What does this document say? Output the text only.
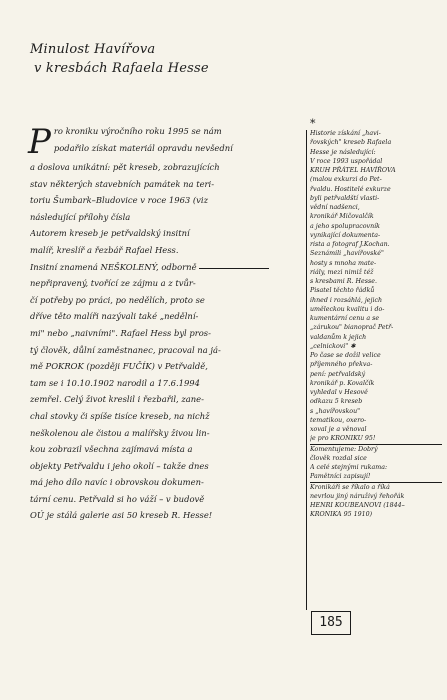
Minulost Havířova
v kresbách Rafaela Hesse
P ro kroniku výročního roku 1995 se nám
podařilo získat materiál opravdu nevšední
a doslova unikátní: pět kreseb, zobrazujících
stav některých stavebních památek na teri-
toriu Šumbark–Bludovice v roce 1963 (viz
následující přílohy čísla
Autorem kreseb je petřvaldský insitní
malíř, kreslíř a řezbář Rafael Hess.
Insitní znamená NEŠKOLENÝ, odborně
nepřipravený, tvořící ze zájmu a z tvůr-
čí potřeby po práci, po nedělích, proto se
dříve těto malíři nazývali také „nedělní-
mi" nebo „naivními". Rafael Hess byl pros-
tý člověk, důlní zaměstnanec, pracoval na já-
mě POKROK (později FUČÍK) v Petřvaldě,
tam se i 10.10.1902 narodil a 17.6.1994
zemřel. Celý život kreslil i řezbařil, zane-
chal stovky či spíše tisíce kreseb, na nichž
neškolenou ale čistou a malířsky živou lin-
kou zobrazil všechna zajímavá místa a
objekty Petřvaldu i jeho okolí – takže dnes
má jeho dílo navíc i obrovskou dokumen-
tární cenu. Petřvald si ho váží – v budově
OÚ je stálá galerie asi 50 kreseb R. Hesse!
*
Historie získání „havi-
řovských" kreseb Rafaela
Hesse je následující:
V roce 1993 uspořádal
KRUH PŘÁTEL HAVÍŘOVA
(malou exkurzi do Pet-
řvaldu. Hostitelé exkurze
byli petřvaldští vlasti-
vědní nadšenci,
kronikář Mičovalčík
a jeho spolupracovník
vynikající dokumenta-
rista a fotograf J.Kochan.
Seznámili „havířovské"
hosty s mnoha mate-
riály, mezi nimiž též
s kresbami R. Hesse.
Pisatel těchto řádků
ihned i rozsáhlá, jejich
uměleckou kvalitu i do-
kumentární cenu a se
„zárukou" bianoprač Petř-
valdanům k jejich
„celnickovi" ✱
Po čase se dožil velice
příjemného překva-
pení: petřvaldský
kronikář p. Kovalčík
vyhledal v Hesově
odkazu 5 kreseb
s „havířovskou"
tematikou, oxero-
xoval je a věnoval
je pro KRONIKU 95!
Komentujeme: Dobrý
člověk rozdal sice
A celé stejnými rukama:
Pamětníci zapisují!
Kronikáři se říkalo a říká
nevrlou jiný náruživý řehořák
HENRI KOUBEANOVI (1844–
KRONIKA 95 1910)
185
